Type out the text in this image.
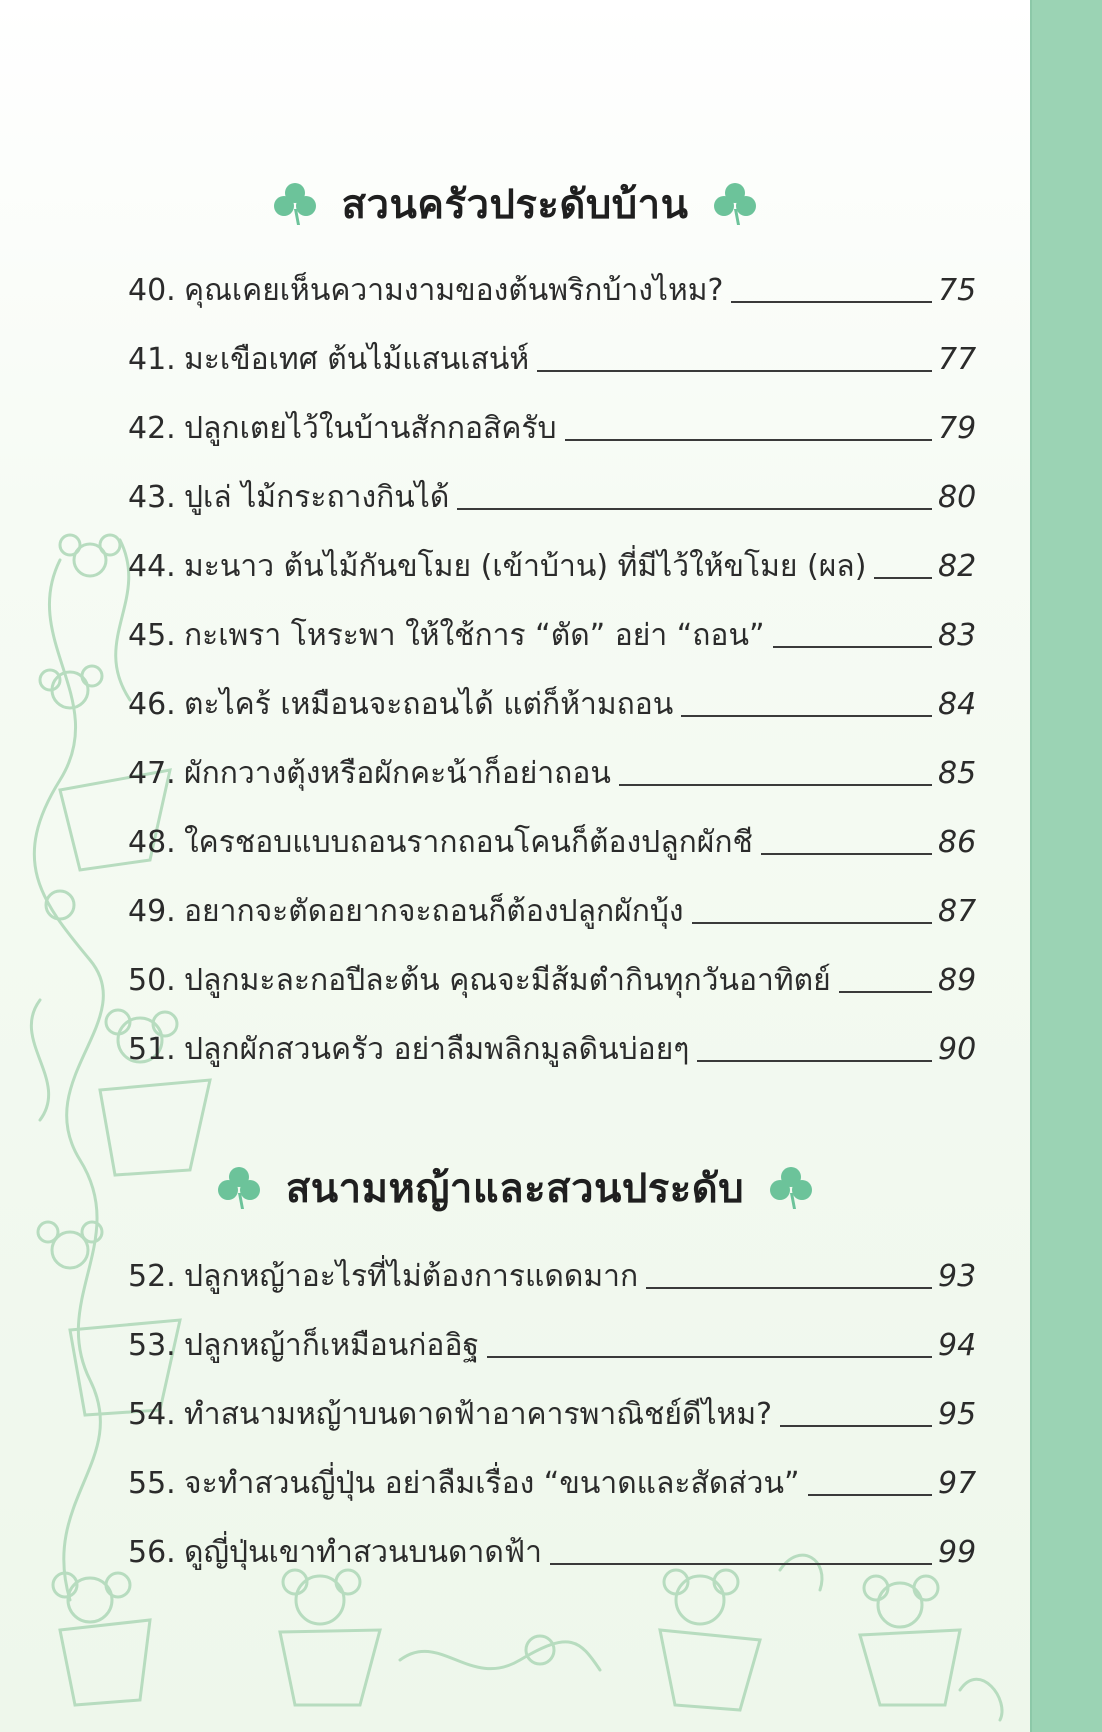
สวนครัวประดับบ้าน
40. คุณเคยเห็นความงามของต้นพริกบ้างไหม?	75
41. มะเขือเทศ ต้นไม้แสนเสน่ห์	77
42. ปลูกเตยไว้ในบ้านสักกอสิครับ	79
43. ปูเล่ ไม้กระถางกินได้	80
44. มะนาว ต้นไม้กันขโมย (เข้าบ้าน) ที่มีไว้ให้ขโมย (ผล) 82
45. กะเพรา โหระพา ให้ใช้การ “ตัด” อย่า “ถอน”	83
46. ตะไคร้ เหมือนจะถอนได้ แต่ก็ห้ามถอน	84
47. ผักกวางตุ้งหรือผักคะน้าก็อย่าถอน	85
48. ใครชอบแบบถอนรากถอนโคนก็ต้องปลูกผักชี	86
49. อยากจะตัดอยากจะถอนก็ต้องปลูกผักบุ้ง	87
50. ปลูกมะละกอปีละต้น คุณจะมีส้มตำกินทุกวันอาทิตย์	89
51. ปลูกผักสวนครัว อย่าลืมพลิกมูลดินบ่อยๆ	90
สนามหญ้าและสวนประดับ
52. ปลูกหญ้าอะไรที่ไม่ต้องการแดดมาก	93
53. ปลูกหญ้าก็เหมือนก่ออิฐ	94
54. ทำสนามหญ้าบนดาดฟ้าอาคารพาณิชย์ดีไหม?	95
55. จะทำสวนญี่ปุ่น อย่าลืมเรื่อง “ขนาดและสัดส่วน”	97
56. ดูญี่ปุ่นเขาทำสวนบนดาดฟ้า	99
